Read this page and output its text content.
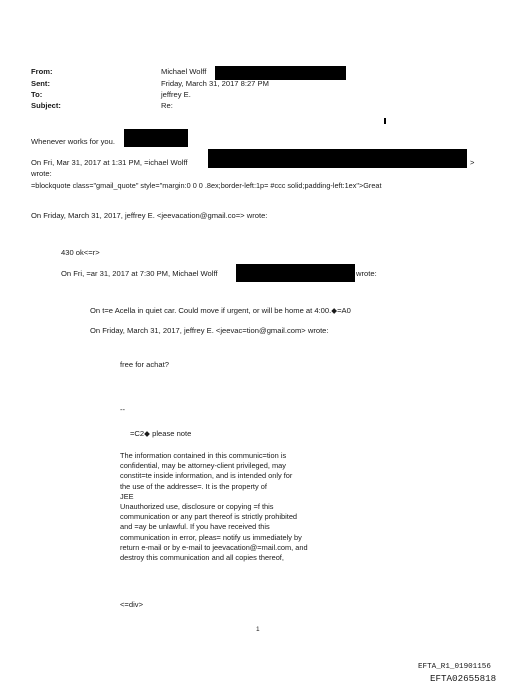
From:
Sent:
To:
Subject:
Michael Wolff
Friday, March 31, 2017 8:27 PM
jeffrey E.
Re:
Whenever works for you.
On Fri, Mar 31, 2017 at 1:31 PM, =ichael Wolff	>
wrote:
=blockquote class="gmail_quote" style="margin:0 0 0 .8ex;border-left:1p= #ccc solid;padding-left:1ex">Great
On Friday, March 31, 2017, jeffrey E. <jeevacation@gmail.co=> wrote:
430 ok<=r>
On Fri, =ar 31, 2017 at 7:30 PM, Michael Wolff	wrote:
On t=e Acella in quiet car. Could move if urgent, or will be home at 4:00.◆=A0
On Friday, March 31, 2017, jeffrey E. <jeevac=tion@gmail.com> wrote:
free for achat?
--
=C2◆ please note
The information contained in this communic=tion is
confidential, may be attorney-client privileged, may
constit=te inside information, and is intended only for
the use of the addresse=. It is the property of
JEE
Unauthorized use, disclosure or copying =f this
communication or any part thereof is strictly prohibited
and =ay be unlawful. If you have received this
communication in error, pleas= notify us immediately by
return e-mail or by e-mail to jeevacation@=mail.com, and
destroy this communication and all copies thereof,
<=div>
1
EFTA_R1_01901156
EFTA02655818
